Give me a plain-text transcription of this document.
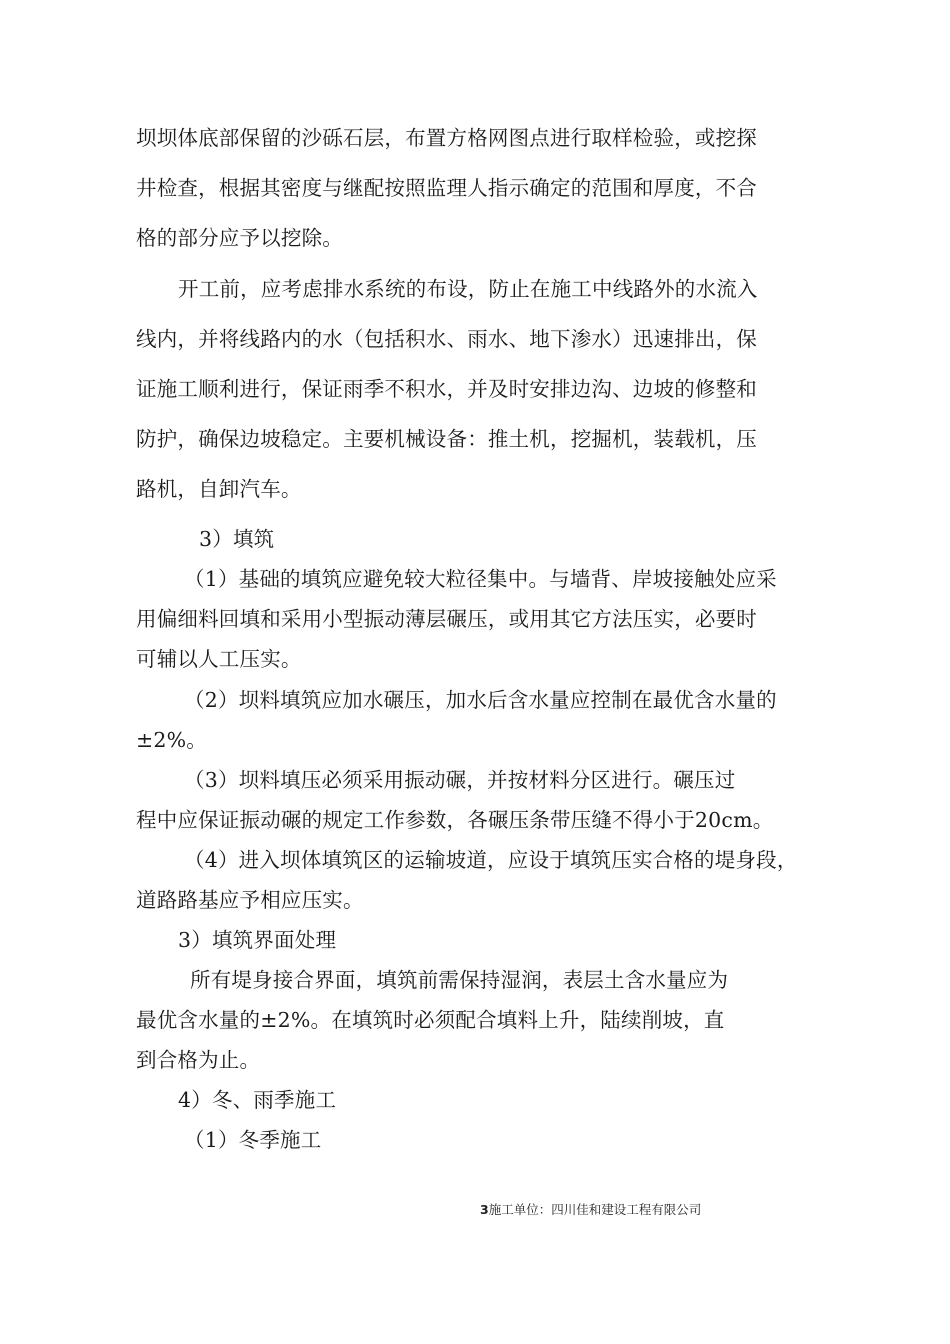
坝坝体底部保留的沙砾石层，布置方格网图点进行取样检验，或挖探
井检查，根据其密度与继配按照监理人指示确定的范围和厚度，不合
格的部分应予以挖除。
开工前，应考虑排水系统的布设，防止在施工中线路外的水流入
线内，并将线路内的水（包括积水、雨水、地下渗水）迅速排出，保
证施工顺利进行，保证雨季不积水，并及时安排边沟、边坡的修整和
防护，确保边坡稳定。主要机械设备：推土机，挖掘机，装载机，压
路机，自卸汽车。
3）填筑
（1）基础的填筑应避免较大粒径集中。与墙背、岸坡接触处应采
用偏细料回填和采用小型振动薄层碾压，或用其它方法压实，必要时
可辅以人工压实。
（2）坝料填筑应加水碾压，加水后含水量应控制在最优含水量的
±2%。
（3）坝料填压必须采用振动碾，并按材料分区进行。碾压过
程中应保证振动碾的规定工作参数，各碾压条带压缝不得小于20cm。
（4）进入坝体填筑区的运输坡道，应设于填筑压实合格的堤身段，
道路路基应予相应压实。
3）填筑界面处理
所有堤身接合界面，填筑前需保持湿润，表层土含水量应为
最优含水量的±2%。在填筑时必须配合填料上升，陆续削坡，直
到合格为止。
4）冬、雨季施工
（1）冬季施工
3施工单位：四川佳和建设工程有限公司
